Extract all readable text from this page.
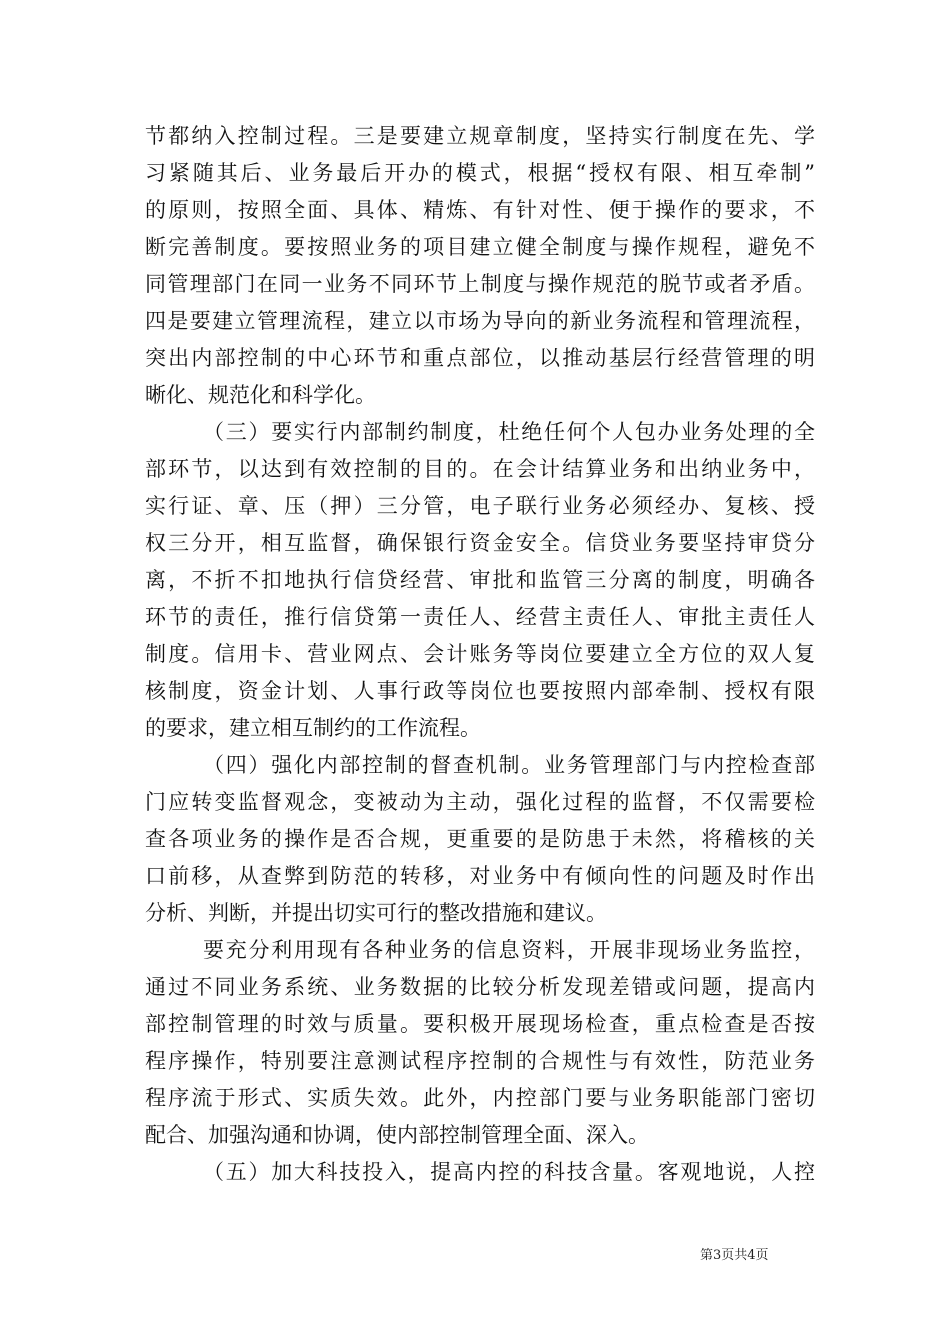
节都纳入控制过程。三是要建立规章制度，坚持实行制度在先、学
习紧随其后、业务最后开办的模式，根据“授权有限、相互牵制”
的原则，按照全面、具体、精炼、有针对性、便于操作的要求，不
断完善制度。要按照业务的项目建立健全制度与操作规程，避免不
同管理部门在同一业务不同环节上制度与操作规范的脱节或者矛盾。
四是要建立管理流程，建立以市场为导向的新业务流程和管理流程，
突出内部控制的中心环节和重点部位，以推动基层行经营管理的明
晰化、规范化和科学化。
（三）要实行内部制约制度，杜绝任何个人包办业务处理的全
部环节，以达到有效控制的目的。在会计结算业务和出纳业务中，
实行证、章、压（押）三分管，电子联行业务必须经办、复核、授
权三分开，相互监督，确保银行资金安全。信贷业务要坚持审贷分
离，不折不扣地执行信贷经营、审批和监管三分离的制度，明确各
环节的责任，推行信贷第一责任人、经营主责任人、审批主责任人
制度。信用卡、营业网点、会计账务等岗位要建立全方位的双人复
核制度，资金计划、人事行政等岗位也要按照内部牵制、授权有限
的要求，建立相互制约的工作流程。
（四）强化内部控制的督查机制。业务管理部门与内控检查部
门应转变监督观念，变被动为主动，强化过程的监督，不仅需要检
查各项业务的操作是否合规，更重要的是防患于未然，将稽核的关
口前移，从查弊到防范的转移，对业务中有倾向性的问题及时作出
分析、判断，并提出切实可行的整改措施和建议。
要充分利用现有各种业务的信息资料，开展非现场业务监控，
通过不同业务系统、业务数据的比较分析发现差错或问题，提高内
部控制管理的时效与质量。要积极开展现场检查，重点检查是否按
程序操作，特别要注意测试程序控制的合规性与有效性，防范业务
程序流于形式、实质失效。此外，内控部门要与业务职能部门密切
配合、加强沟通和协调，使内部控制管理全面、深入。
（五）加大科技投入，提高内控的科技含量。客观地说，人控
第3页共4页
